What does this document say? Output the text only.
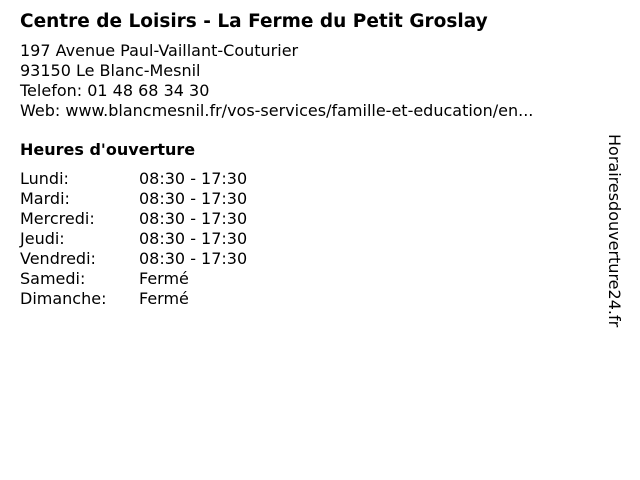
Centre de Loisirs - La Ferme du Petit Groslay
197 Avenue Paul-Vaillant-Couturier
93150 Le Blanc-Mesnil
Telefon: 01 48 68 34 30
Web: www.blancmesnil.fr/vos-services/famille-et-education/en...
Heures d'ouverture
Lundi:	08:30 - 17:30
Mardi:	08:30 - 17:30
Mercredi:	08:30 - 17:30
Jeudi:	08:30 - 17:30
Vendredi:	08:30 - 17:30
Samedi:	Fermé
Dimanche:	Fermé	Horairesdouverture24.fr
